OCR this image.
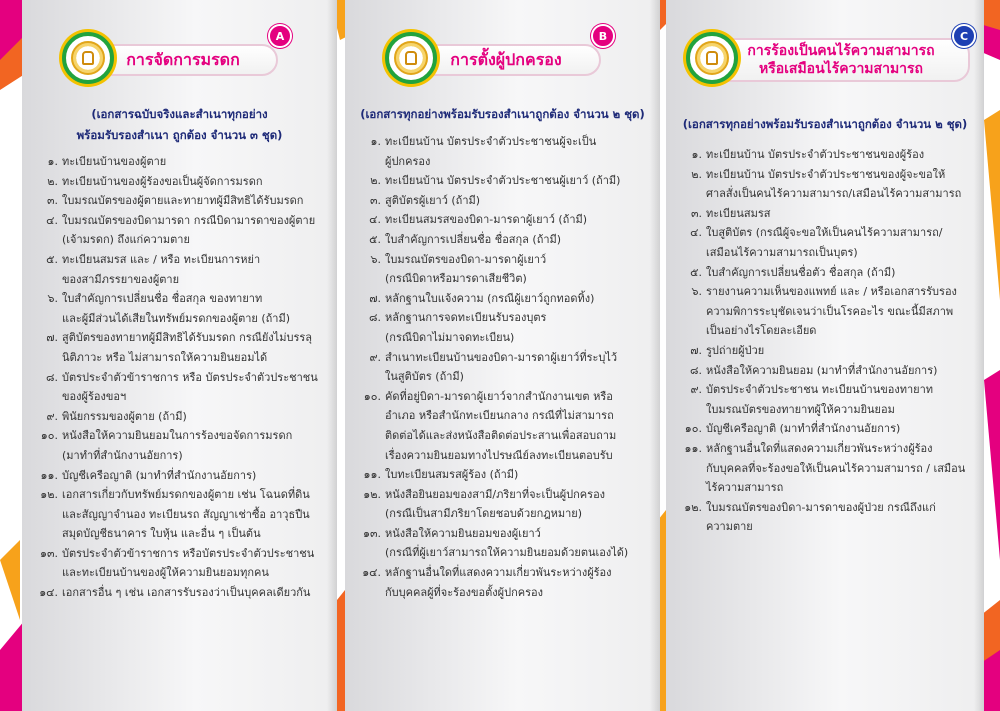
การจัดการมรดก
A
(เอกสารฉบับจริงและสำเนาทุกอย่าง
พร้อมรับรองสำเนา ถูกต้อง จำนวน ๓ ชุด)
๑. ทะเบียนบ้านของผู้ตาย
๒. ทะเบียนบ้านของผู้ร้องขอเป็นผู้จัดการมรดก
๓. ใบมรณบัตรของผู้ตายและทายาทผู้มีสิทธิได้รับมรดก
๔. ใบมรณบัตรของบิดามารดา กรณีบิดามารดาของผู้ตาย
(เจ้ามรดก) ถึงแก่ความตาย
๕. ทะเบียนสมรส และ / หรือ ทะเบียนการหย่า
ของสามีภรรยาของผู้ตาย
๖. ใบสำคัญการเปลี่ยนชื่อ ชื่อสกุล ของทายาท
และผู้มีส่วนได้เสียในทรัพย์มรดกของผู้ตาย (ถ้ามี)
๗. สูติบัตรของทายาทผู้มีสิทธิได้รับมรดก กรณียังไม่บรรลุ
นิติภาวะ หรือ ไม่สามารถให้ความยินยอมได้
๘. บัตรประจำตัวข้าราชการ หรือ บัตรประจำตัวประชาชน
ของผู้ร้องขอฯ
๙. พินัยกรรมของผู้ตาย (ถ้ามี)
๑๐. หนังสือให้ความยินยอมในการร้องขอจัดการมรดก
(มาทำที่สำนักงานอัยการ)
๑๑. บัญชีเครือญาติ (มาทำที่สำนักงานอัยการ)
๑๒. เอกสารเกี่ยวกับทรัพย์มรดกของผู้ตาย เช่น โฉนดที่ดิน
และสัญญาจำนอง ทะเบียนรถ สัญญาเช่าซื้อ อาวุธปืน
สมุดบัญชีธนาคาร ใบหุ้น และอื่น ๆ เป็นต้น
๑๓. บัตรประจำตัวข้าราชการ หรือบัตรประจำตัวประชาชน
และทะเบียนบ้านของผู้ให้ความยินยอมทุกคน
๑๔. เอกสารอื่น ๆ เช่น เอกสารรับรองว่าเป็นบุคคลเดียวกัน
การตั้งผู้ปกครอง
B
(เอกสารทุกอย่างพร้อมรับรองสำเนาถูกต้อง จำนวน ๒ ชุด)
๑. ทะเบียนบ้าน บัตรประจำตัวประชาชนผู้จะเป็น
ผู้ปกครอง
๒. ทะเบียนบ้าน บัตรประจำตัวประชาชนผู้เยาว์ (ถ้ามี)
๓. สูติบัตรผู้เยาว์ (ถ้ามี)
๔. ทะเบียนสมรสของบิดา-มารดาผู้เยาว์ (ถ้ามี)
๕. ใบสำคัญการเปลี่ยนชื่อ ชื่อสกุล (ถ้ามี)
๖. ใบมรณบัตรของบิดา-มารดาผู้เยาว์
(กรณีบิดาหรือมารดาเสียชีวิต)
๗. หลักฐานใบแจ้งความ (กรณีผู้เยาว์ถูกทอดทิ้ง)
๘. หลักฐานการจดทะเบียนรับรองบุตร
(กรณีบิดาไม่มาจดทะเบียน)
๙. สำเนาทะเบียนบ้านของบิดา-มารดาผู้เยาว์ที่ระบุไว้
ในสูติบัตร (ถ้ามี)
๑๐. คัดที่อยู่บิดา-มารดาผู้เยาว์จากสำนักงานเขต หรือ
อำเภอ หรือสำนักทะเบียนกลาง กรณีที่ไม่สามารถ
ติดต่อได้และส่งหนังสือติดต่อประสานเพื่อสอบถาม
เรื่องความยินยอมทางไปรษณีย์ลงทะเบียนตอบรับ
๑๑. ใบทะเบียนสมรสผู้ร้อง (ถ้ามี)
๑๒. หนังสือยินยอมของสามี/ภริยาที่จะเป็นผู้ปกครอง
(กรณีเป็นสามีภริยาโดยชอบด้วยกฎหมาย)
๑๓. หนังสือให้ความยินยอมของผู้เยาว์
(กรณีที่ผู้เยาว์สามารถให้ความยินยอมด้วยตนเองได้)
๑๔. หลักฐานอื่นใดที่แสดงความเกี่ยวพันระหว่างผู้ร้อง
กับบุคคลผู้ที่จะร้องขอตั้งผู้ปกครอง
การร้องเป็นคนไร้ความสามารถ
หรือเสมือนไร้ความสามารถ
C
(เอกสารทุกอย่างพร้อมรับรองสำเนาถูกต้อง จำนวน ๒ ชุด)
๑. ทะเบียนบ้าน บัตรประจำตัวประชาชนของผู้ร้อง
๒. ทะเบียนบ้าน บัตรประจำตัวประชาชนของผู้จะขอให้
ศาลสั่งเป็นคนไร้ความสามารถ/เสมือนไร้ความสามารถ
๓. ทะเบียนสมรส
๔. ใบสูติบัตร (กรณีผู้จะขอให้เป็นคนไร้ความสามารถ/
เสมือนไร้ความสามารถเป็นบุตร)
๕. ใบสำคัญการเปลี่ยนชื่อตัว ชื่อสกุล (ถ้ามี)
๖. รายงานความเห็นของแพทย์ และ / หรือเอกสารรับรอง
ความพิการระบุชัดเจนว่าเป็นโรคอะไร ขณะนี้มีสภาพ
เป็นอย่างไรโดยละเอียด
๗. รูปถ่ายผู้ป่วย
๘. หนังสือให้ความยินยอม (มาทำที่สำนักงานอัยการ)
๙. บัตรประจำตัวประชาชน ทะเบียนบ้านของทายาท
ใบมรณบัตรของทายาทผู้ให้ความยินยอม
๑๐. บัญชีเครือญาติ (มาทำที่สำนักงานอัยการ)
๑๑. หลักฐานอื่นใดที่แสดงความเกี่ยวพันระหว่างผู้ร้อง
กับบุคคลที่จะร้องขอให้เป็นคนไร้ความสามารถ / เสมือน
ไร้ความสามารถ
๑๒. ใบมรณบัตรของบิดา-มารดาของผู้ป่วย กรณีถึงแก่
ความตาย
